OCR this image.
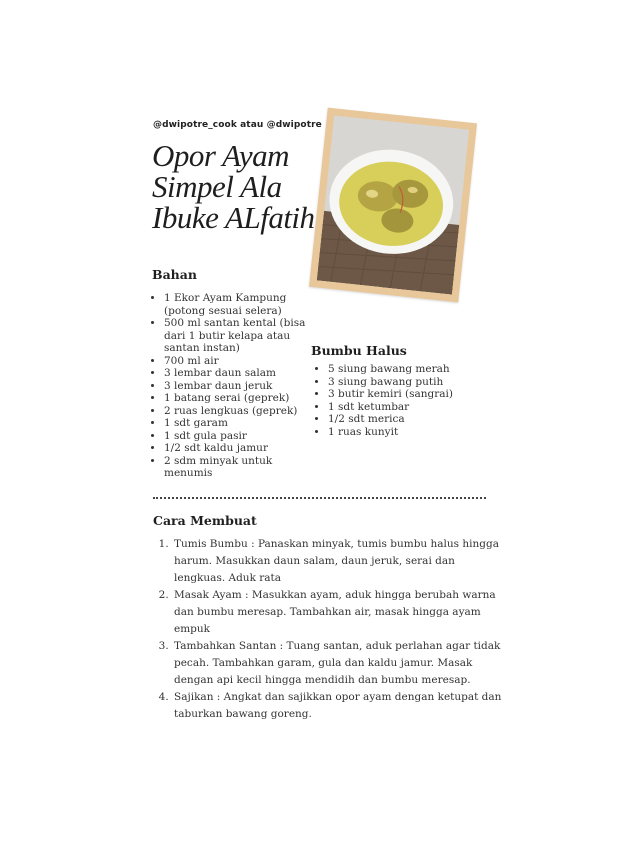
@dwipotre_cook atau @dwipotre
Opor Ayam
Simpel Ala
Ibuke ALfatih
Bahan
• 1 Ekor Ayam Kampung (potong sesuai selera)
• 500 ml santan kental (bisa dari 1 butir kelapa atau santan instan)
• 700 ml air
• 3 lembar daun salam
• 3 lembar daun jeruk
• 1 batang serai (geprek)
• 2 ruas lengkuas (geprek)
• 1 sdt garam
• 1 sdt gula pasir
• 1/2 sdt kaldu jamur
• 2 sdm minyak untuk menumis
Bumbu Halus
• 5 siung bawang merah
• 3 siung bawang putih
• 3 butir kemiri (sangrai)
• 1 sdt ketumbar
• 1/2 sdt merica
• 1 ruas kunyit
Cara Membuat
1. Tumis Bumbu : Panaskan minyak, tumis bumbu halus hingga harum. Masukkan daun salam, daun jeruk, serai dan lengkuas. Aduk rata
2. Masak Ayam : Masukkan ayam, aduk hingga berubah warna dan bumbu meresap. Tambahkan air, masak hingga ayam empuk
3. Tambahkan Santan : Tuang santan, aduk perlahan agar tidak pecah. Tambahkan garam, gula dan kaldu jamur. Masak dengan api kecil hingga mendidih dan bumbu meresap.
4. Sajikan : Angkat dan sajikkan opor ayam dengan ketupat dan taburkan bawang goreng.
